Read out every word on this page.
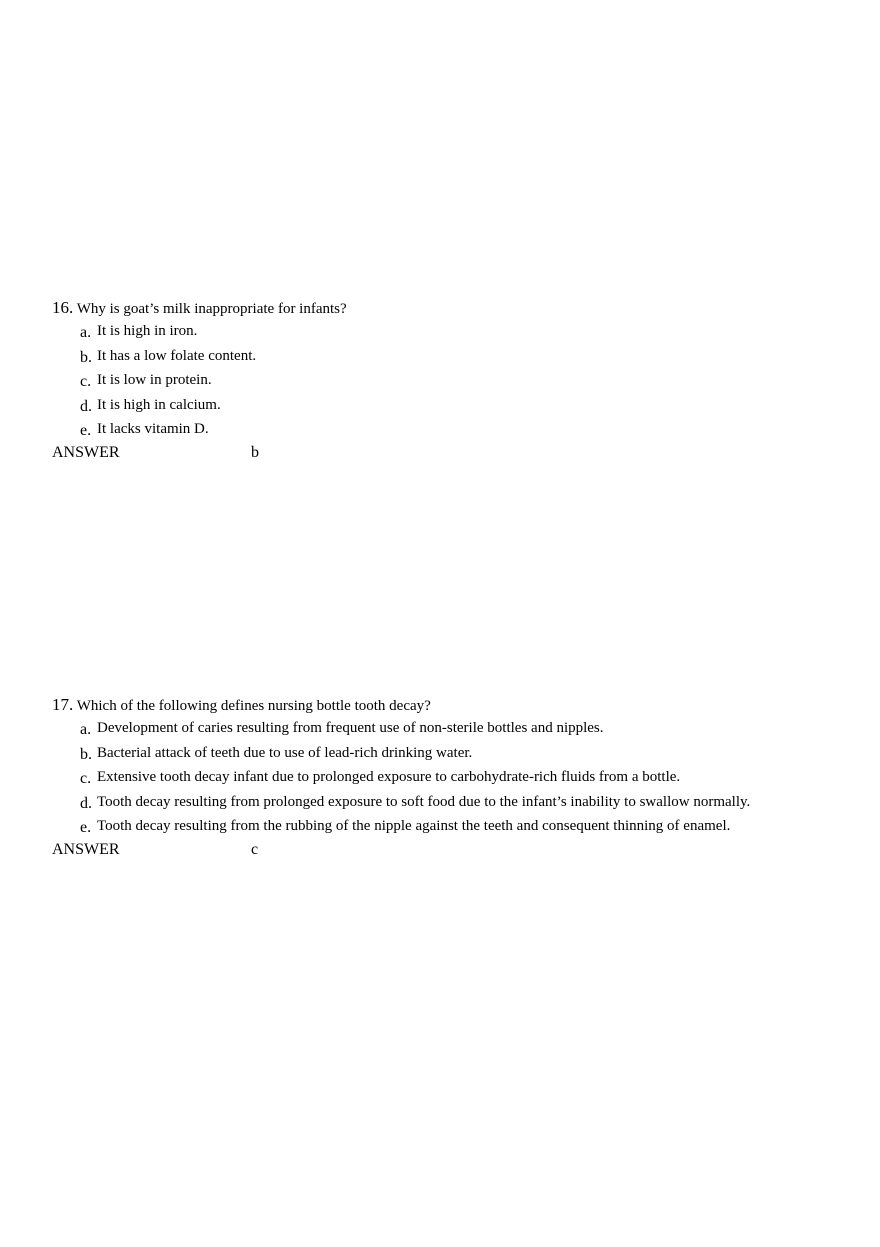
16. Why is goat’s milk inappropriate for infants?
a. It is high in iron.
b. It has a low folate content.
c. It is low in protein.
d. It is high in calcium.
e. It lacks vitamin D.
ANSWER	b
17. Which of the following defines nursing bottle tooth decay?
a. Development of caries resulting from frequent use of non-sterile bottles and nipples.
b. Bacterial attack of teeth due to use of lead-rich drinking water.
c. Extensive tooth decay infant due to prolonged exposure to carbohydrate-rich fluids from a bottle.
d. Tooth decay resulting from prolonged exposure to soft food due to the infant’s inability to swallow normally.
e. Tooth decay resulting from the rubbing of the nipple against the teeth and consequent thinning of enamel.
ANSWER	c
